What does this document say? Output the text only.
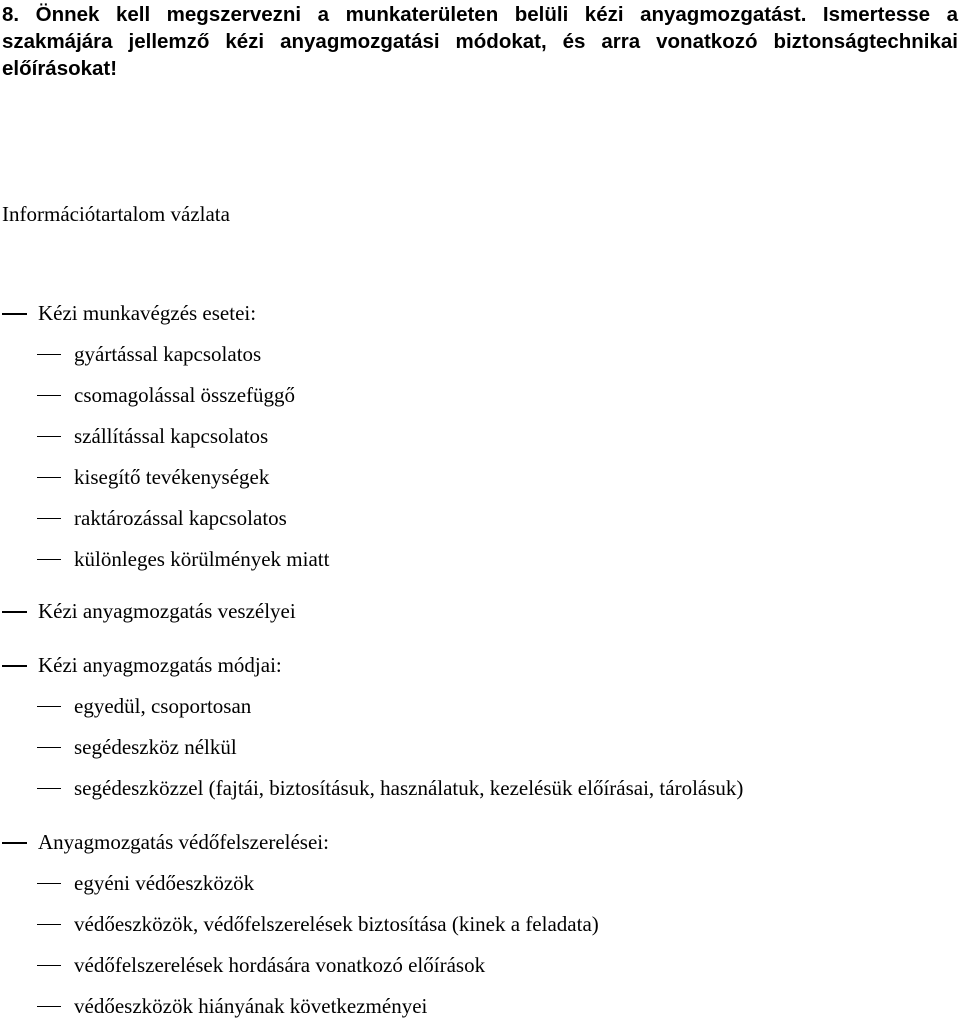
8. Önnek kell megszervezni a munkaterületen belüli kézi anyagmozgatást. Ismertesse a szakmájára jellemző kézi anyagmozgatási módokat, és arra vonatkozó biztonságtechnikai előírásokat!
Információtartalom vázlata
Kézi munkavégzés esetei:
gyártással kapcsolatos
csomagolással összefüggő
szállítással kapcsolatos
kisegítő tevékenységek
raktározással kapcsolatos
különleges körülmények miatt
Kézi anyagmozgatás veszélyei
Kézi anyagmozgatás módjai:
egyedül, csoportosan
segédeszköz nélkül
segédeszközzel (fajtái, biztosításuk, használatuk, kezelésük előírásai, tárolásuk)
Anyagmozgatás védőfelszerelései:
egyéni védőeszközök
védőeszközök, védőfelszerelések biztosítása (kinek a feladata)
védőfelszerelések hordására vonatkozó előírások
védőeszközök hiányának következményei
